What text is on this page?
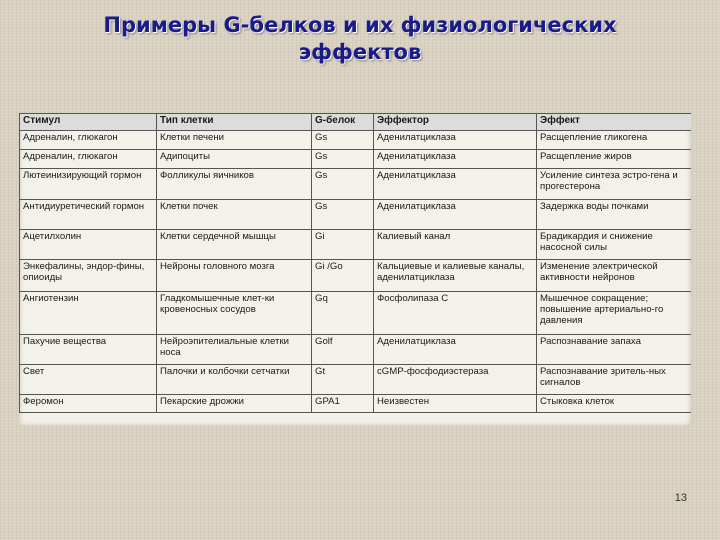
Примеры G-белков и их физиологических
эффектов
Стимул	Тип клетки	G-белок	Эффектор	Эффект
Адреналин, глюкагон	Клетки печени	Gs	Аденилатциклаза	Расщепление гликогена
Адреналин, глюкагон	Адипоциты	Gs	Аденилатциклаза	Расщепление жиров
Лютеинизирующий гормон	Фолликулы яичников	Gs	Аденилатциклаза	Усиление синтеза эстро-гена и прогестерона
Антидиуретический гормон	Клетки почек	Gs	Аденилатциклаза	Задержка воды почками
Ацетилхолин	Клетки сердечной мышцы	Gi	Калиевый канал	Брадикардия и снижение насосной силы
Энкефалины, эндор-фины, опиоиды	Нейроны головного мозга	Gi /Go	Кальциевые и калиевые каналы, аденилатциклаза	Изменение электрической активности нейронов
Ангиотензин	Гладкомышечные клет-ки кровеносных сосудов	Gq	Фосфолипаза С	Мышечное сокращение; повышение артериально-го давления
Пахучие вещества	Нейроэпителиальные клетки носа	Golf	Аденилатциклаза	Распознавание запаха
Свет	Палочки и колбочки сетчатки	Gt	cGMP-фосфодиэстераза	Распознавание зритель-ных сигналов
Феромон	Пекарские дрожжи	GPA1	Неизвестен	Стыковка клеток
13
